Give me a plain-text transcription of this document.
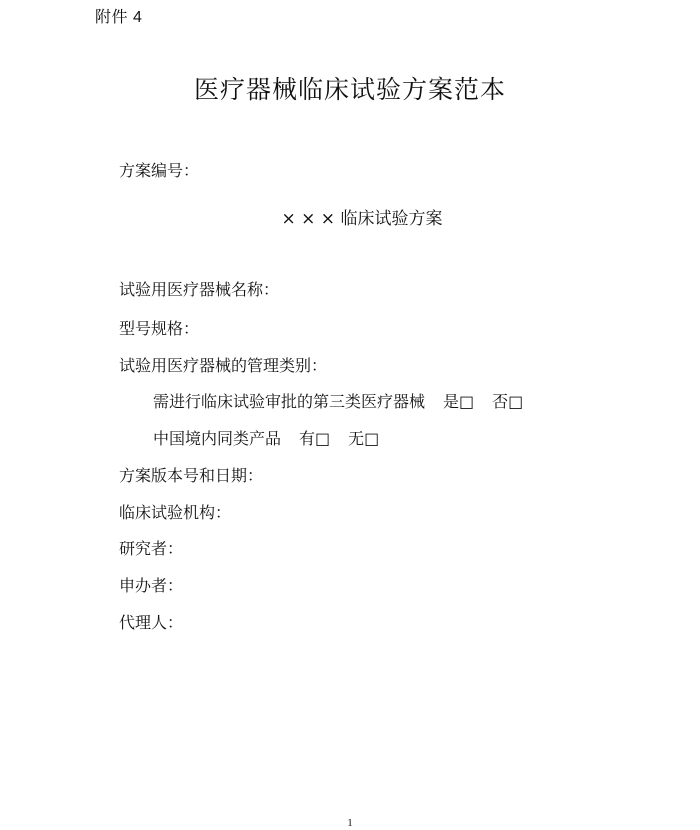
附件 4
医疗器械临床试验方案范本
方案编号：
× × × 临床试验方案
试验用医疗器械名称：
型号规格：
试验用医疗器械的管理类别：
需进行临床试验审批的第三类医疗器械 是□ 否□
中国境内同类产品 有□ 无□
方案版本号和日期：
临床试验机构：
研究者：
申办者：
代理人：
1
